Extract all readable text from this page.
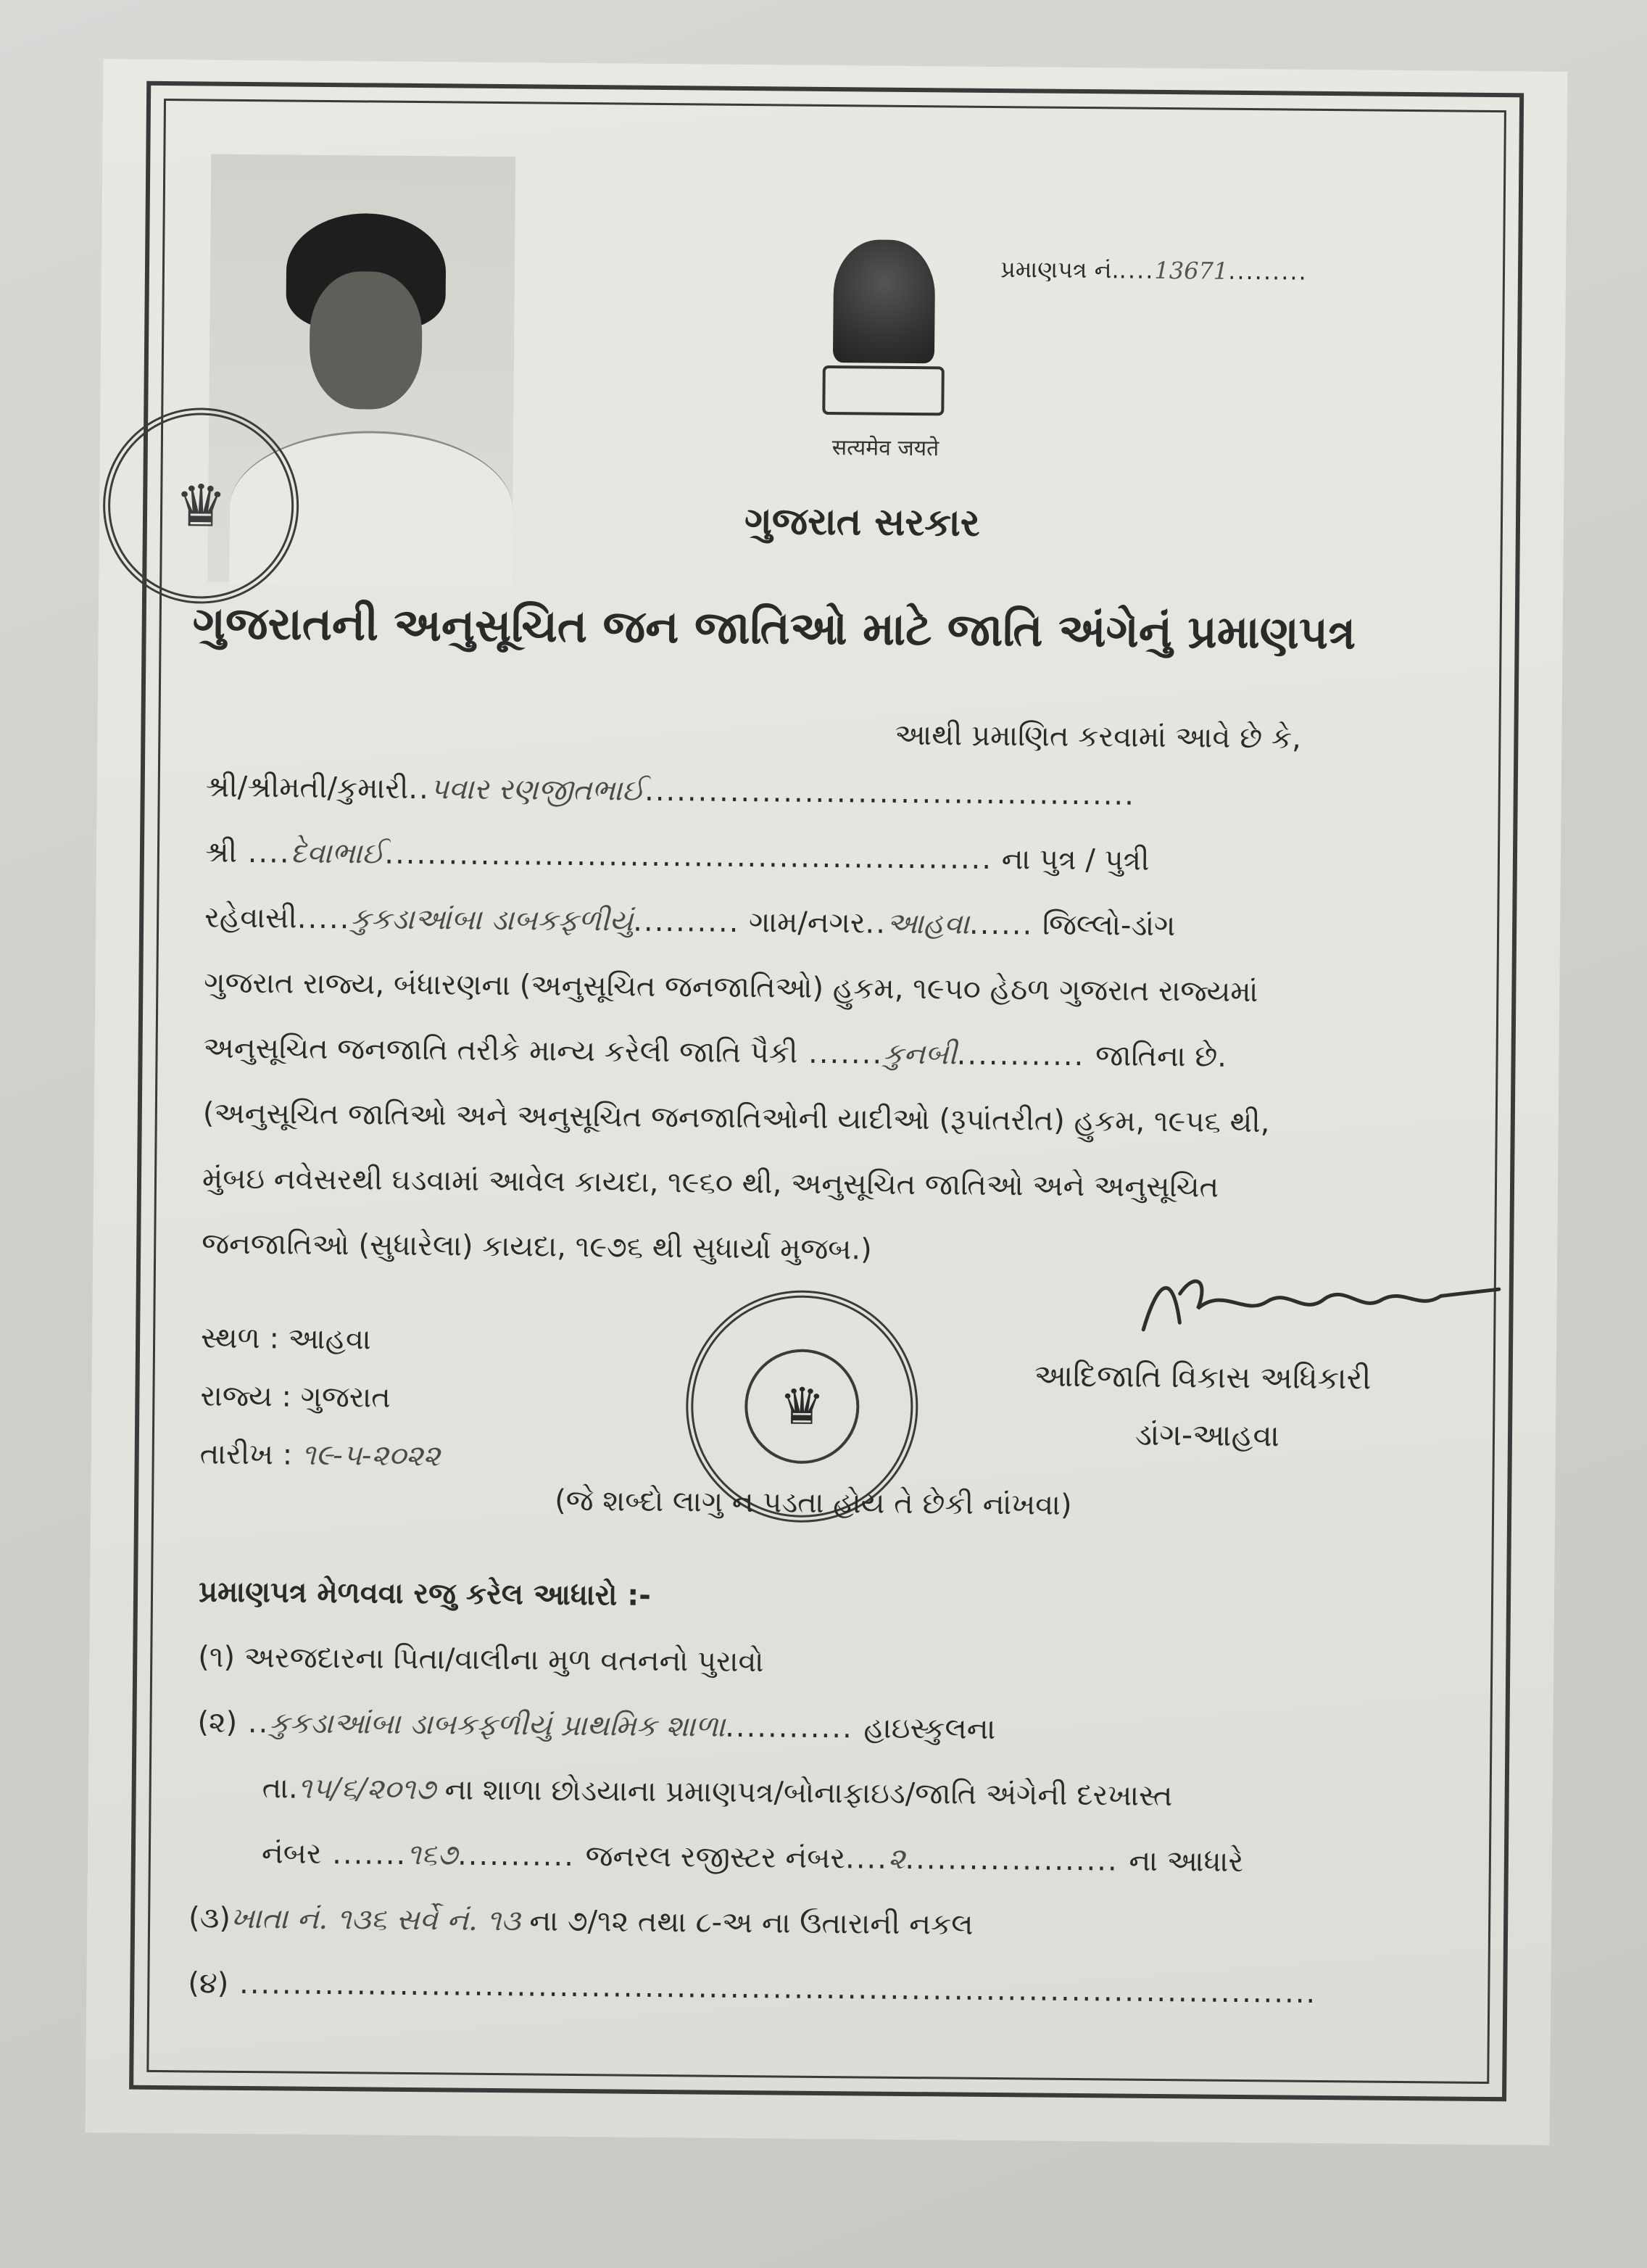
♛
सत्यमेव जयते
પ્રમાણપત્ર નં.....13671.........
ગુજરાત સરકાર
ગુજરાતની અનુસૂચિત જન જાતિઓ માટે જાતિ અંગેનું પ્રમાણપત્ર
આથી પ્રમાણિત કરવામાં આવે છે કે,
શ્રી/શ્રીમતી/કુમારી..પવાર રણજીતભાઈ..............................................
શ્રી ....દેવાભાઈ......................................................... ના પુત્ર / પુત્રી
રહેવાસી.....કુકડાઆંબા ડાબકફળીયું.......... ગામ/નગર..આહવા...... જિલ્લો-ડાંગ
ગુજરાત રાજ્ય, બંધારણના (અનુસૂચિત જનજાતિઓ) હુકમ, ૧૯૫૦ હેઠળ ગુજરાત રાજ્યમાં
અનુસૂચિત જનજાતિ તરીકે માન્ય કરેલી જાતિ પૈકી .......કુનબી............ જાતિના છે.
(અનુસૂચિત જાતિઓ અને અનુસૂચિત જનજાતિઓની યાદીઓ (રૂપાંતરીત) હુકમ, ૧૯૫૬ થી,
મુંબઇ નવેસરથી ઘડવામાં આવેલ કાયદા, ૧૯૬૦ થી, અનુસૂચિત જાતિઓ અને અનુસૂચિત
જનજાતિઓ (સુધારેલા) કાયદા, ૧૯૭૬ થી સુધાર્યા મુજબ.)
સ્થળ : આહવા
રાજ્ય : ગુજરાત
તારીખ : ૧૯-૫-૨૦૨૨
♛	આદિજાતિ વિકાસ અધિકારી
ડાંગ-આહવા
(જે શબ્દો લાગુ ન પડતા હોય તે છેકી નાંખવા)
પ્રમાણપત્ર મેળવવા રજુ કરેલ આધારો :-
(૧) અરજદારના પિતા/વાલીના મુળ વતનનો પુરાવો
(૨) ..કુકડાઆંબા ડાબકફળીયું પ્રાથમિક શાળા............ હાઇસ્કુલના
તા.૧૫/૬/૨૦૧૭ ના શાળા છોડયાના પ્રમાણપત્ર/બોનાફાઇડ/જાતિ અંગેની દરખાસ્ત
નંબર .......૧૬૭........... જનરલ રજીસ્ટર નંબર....૨.................... ના આધારે
(૩)ખાતા નં. ૧૩૬ સર્વે નં. ૧૩ ના ૭/૧૨ તથા ૮-અ ના ઉતારાની નકલ
(૪) .....................................................................................................
